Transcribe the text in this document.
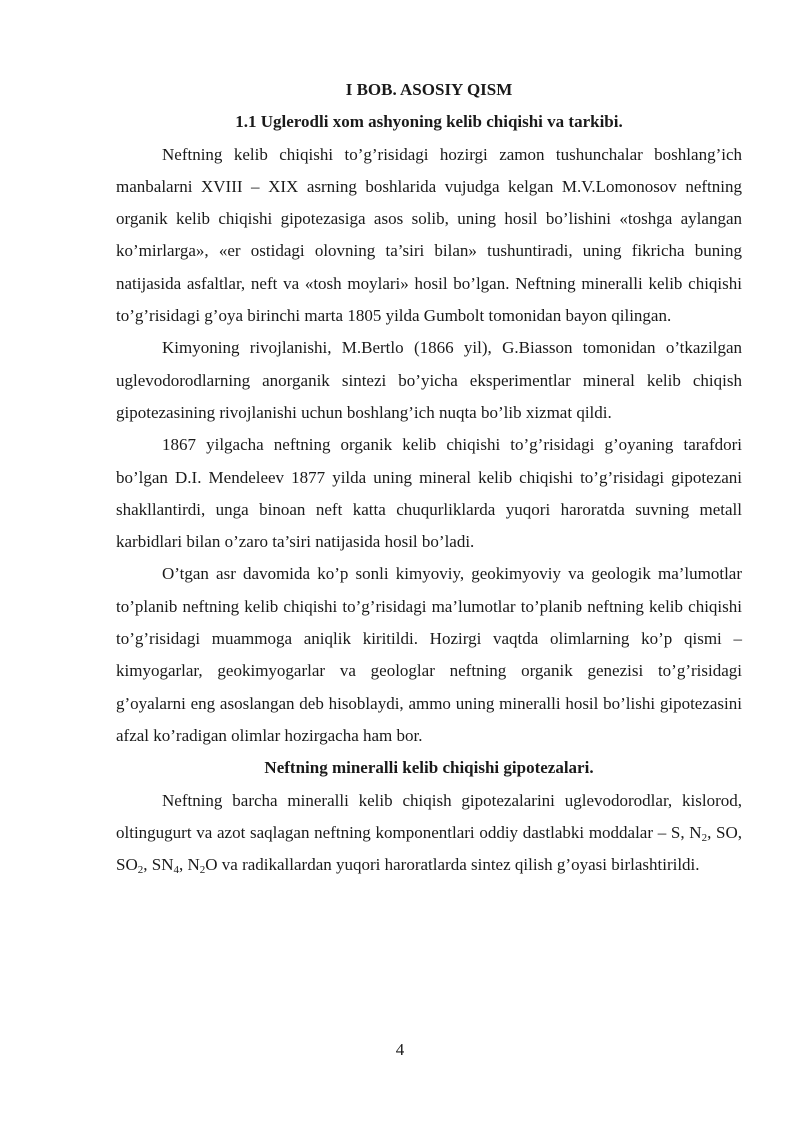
I BOB. ASOSIY QISM

1.1 Uglerodli xom ashyoning kelib chiqishi va tarkibi.

Neftning kelib chiqishi to’g’risidagi hozirgi zamon tushunchalar boshlang’ich manbalarni XVIII – XIX asrning boshlarida vujudga kelgan M.V.Lomonosov neftning organik kelib chiqishi gipotezasiga asos solib, uning hosil bo’lishini «toshga aylangan ko’mirlarga», «er ostidagi olovning ta’siri bilan» tushuntiradi, uning fikricha buning natijasida asfaltlar, neft va «tosh moylari» hosil bo’lgan. Neftning mineralli kelib chiqishi to’g’risidagi g’oya birinchi marta 1805 yilda Gumbolt tomonidan bayon qilingan.

Kimyoning rivojlanishi, M.Bertlo (1866 yil), G.Biasson tomonidan o’tkazilgan uglevodorodlarning anorganik sintezi bo’yicha eksperimentlar mineral kelib chiqish gipotezasining rivojlanishi uchun boshlang’ich nuqta bo’lib xizmat qildi.

1867 yilgacha neftning organik kelib chiqishi to’g’risidagi g’oyaning tarafdori bo’lgan D.I. Mendeleev 1877 yilda uning mineral kelib chiqishi to’g’risidagi gipotezani shakllantirdi, unga binoan neft katta chuqurliklarda yuqori haroratda suvning metall karbidlari bilan o’zaro ta’siri natijasida hosil bo’ladi.

O’tgan asr davomida ko’p sonli kimyoviy, geokimyoviy va geologik ma’lumotlar to’planib neftning kelib chiqishi to’g’risidagi ma’lumotlar to’planib neftning kelib chiqishi to’g’risidagi muammoga aniqlik kiritildi. Hozirgi vaqtda olimlarning ko’p qismi – kimyogarlar, geokimyogarlar va geologlar neftning organik genezisi to’g’risidagi g’oyalarni eng asoslangan deb hisoblaydi, ammo uning mineralli hosil bo’lishi gipotezasini afzal ko’radigan olimlar hozirgacha ham bor.

Neftning mineralli kelib chiqishi gipotezalari.

Neftning barcha mineralli kelib chiqish gipotezalarini uglevodorodlar, kislorod, oltingugurt va azot saqlagan neftning komponentlari oddiy dastlabki moddalar – S, $N_2$, SO, $SO_2$, $SN_4$, $N_2O$ va radikallardan yuqori haroratlarda sintez qilish g’oyasi birlashtirildi.

4
